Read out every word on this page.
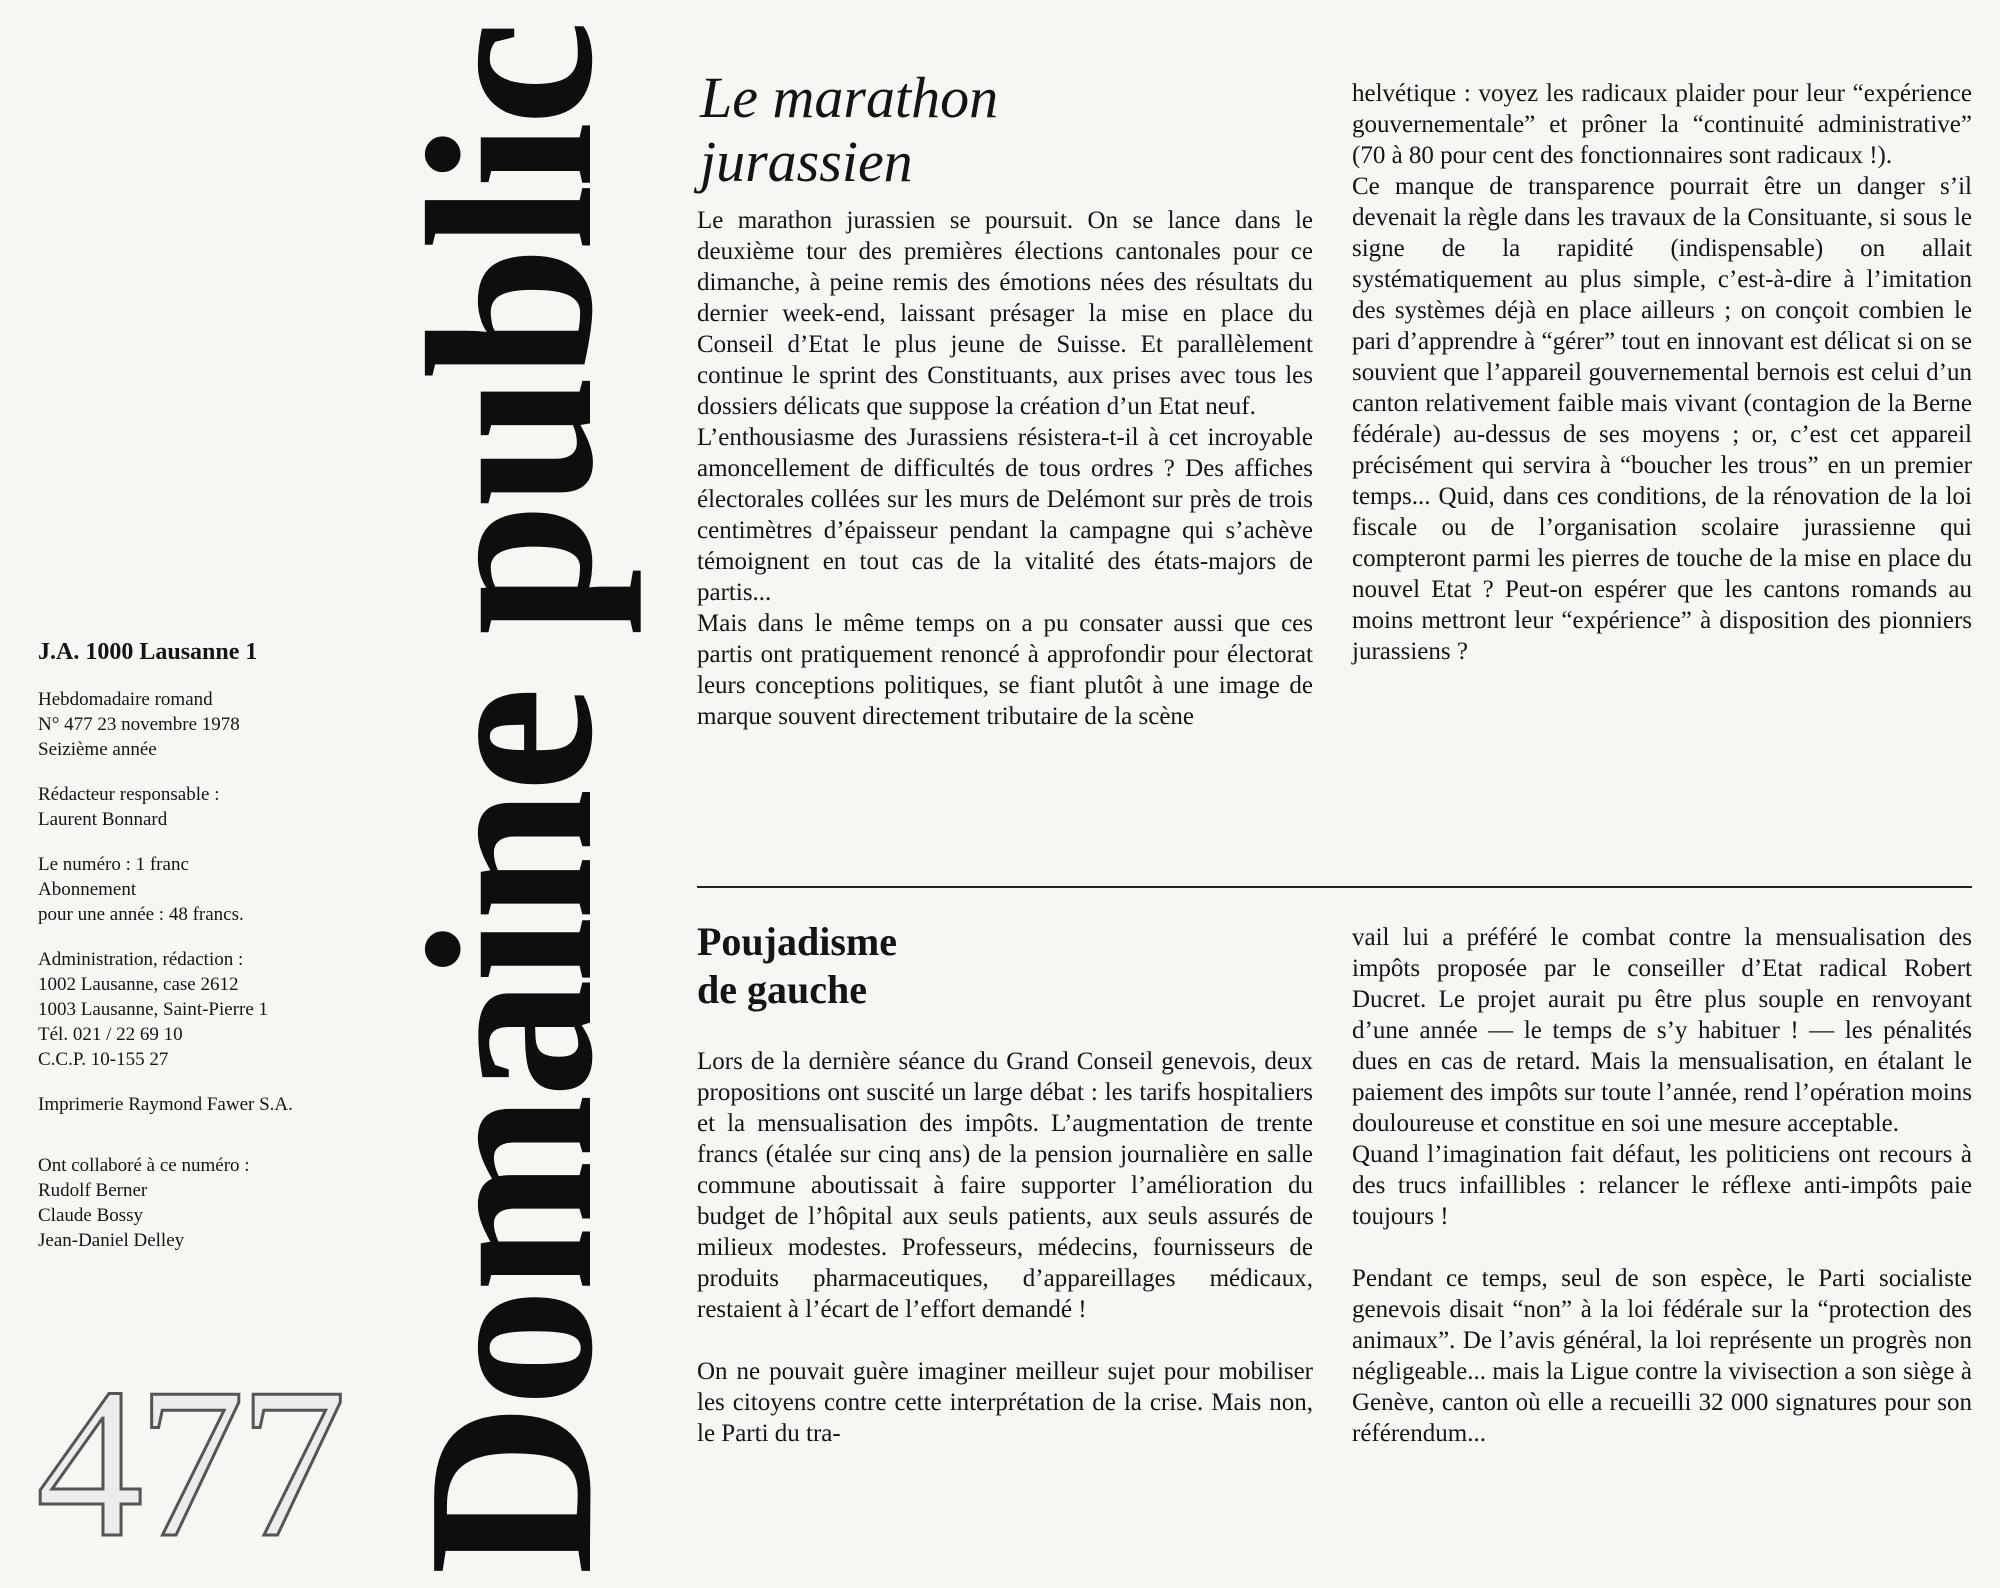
J.A. 1000 Lausanne 1

Hebdomadaire romand
N° 477 23 novembre 1978
Seizième année

Rédacteur responsable :
Laurent Bonnard

Le numéro : 1 franc
Abonnement
pour une année : 48 francs.

Administration, rédaction :
1002 Lausanne, case 2612
1003 Lausanne, Saint-Pierre 1
Tél. 021 / 22 69 10
C.C.P. 10-155 27

Imprimerie Raymond Fawer S.A.

Ont collaboré à ce numéro :
Rudolf Berner
Claude Bossy
Jean-Daniel Delley

477 Domaine public Le marathon
jurassien

Le marathon jurassien se poursuit. On se lance dans le deuxième tour des premières élections cantonales pour ce dimanche, à peine remis des émotions nées des résultats du dernier week-end, laissant présager la mise en place du Conseil d’Etat le plus jeune de Suisse. Et parallèlement continue le sprint des Constituants, aux prises avec tous les dossiers délicats que suppose la création d’un Etat neuf.

L’enthousiasme des Jurassiens résistera-t-il à cet incroyable amoncellement de difficultés de tous ordres ? Des affiches électorales collées sur les murs de Delémont sur près de trois centimètres d’épaisseur pendant la campagne qui s’achève témoignent en tout cas de la vitalité des états-majors de partis...

Mais dans le même temps on a pu consater aussi que ces partis ont pratiquement renoncé à approfondir pour électorat leurs conceptions politiques, se fiant plutôt à une image de marque souvent directement tributaire de la scène

helvétique : voyez les radicaux plaider pour leur “expérience gouvernementale” et prôner la “continuité administrative” (70 à 80 pour cent des fonctionnaires sont radicaux !).

Ce manque de transparence pourrait être un danger s’il devenait la règle dans les travaux de la Consituante, si sous le signe de la rapidité (indispensable) on allait systématiquement au plus simple, c’est-à-dire à l’imitation des systèmes déjà en place ailleurs ; on conçoit combien le pari d’apprendre à “gérer” tout en innovant est délicat si on se souvient que l’appareil gouvernemental bernois est celui d’un canton relativement faible mais vivant (contagion de la Berne fédérale) au-dessus de ses moyens ; or, c’est cet appareil précisément qui servira à “boucher les trous” en un premier temps... Quid, dans ces conditions, de la rénovation de la loi fiscale ou de l’organisation scolaire jurassienne qui compteront parmi les pierres de touche de la mise en place du nouvel Etat ? Peut-on espérer que les cantons romands au moins mettront leur “expérience” à disposition des pionniers jurassiens ?

Poujadisme
de gauche

Lors de la dernière séance du Grand Conseil genevois, deux propositions ont suscité un large débat : les tarifs hospitaliers et la mensualisation des impôts. L’augmentation de trente francs (étalée sur cinq ans) de la pension journalière en salle commune aboutissait à faire supporter l’amélioration du budget de l’hôpital aux seuls patients, aux seuls assurés de milieux modestes. Professeurs, médecins, fournisseurs de produits pharmaceutiques, d’appareillages médicaux, restaient à l’écart de l’effort demandé !

On ne pouvait guère imaginer meilleur sujet pour mobiliser les citoyens contre cette interprétation de la crise. Mais non, le Parti du tra-

vail lui a préféré le combat contre la mensualisation des impôts proposée par le conseiller d’Etat radical Robert Ducret. Le projet aurait pu être plus souple en renvoyant d’une année — le temps de s’y habituer ! — les pénalités dues en cas de retard. Mais la mensualisation, en étalant le paiement des impôts sur toute l’année, rend l’opération moins douloureuse et constitue en soi une mesure acceptable.

Quand l’imagination fait défaut, les politiciens ont recours à des trucs infaillibles : relancer le réflexe anti-impôts paie toujours !

Pendant ce temps, seul de son espèce, le Parti socialiste genevois disait “non” à la loi fédérale sur la “protection des animaux”. De l’avis général, la loi représente un progrès non négligeable... mais la Ligue contre la vivisection a son siège à Genève, canton où elle a recueilli 32 000 signatures pour son référendum...
